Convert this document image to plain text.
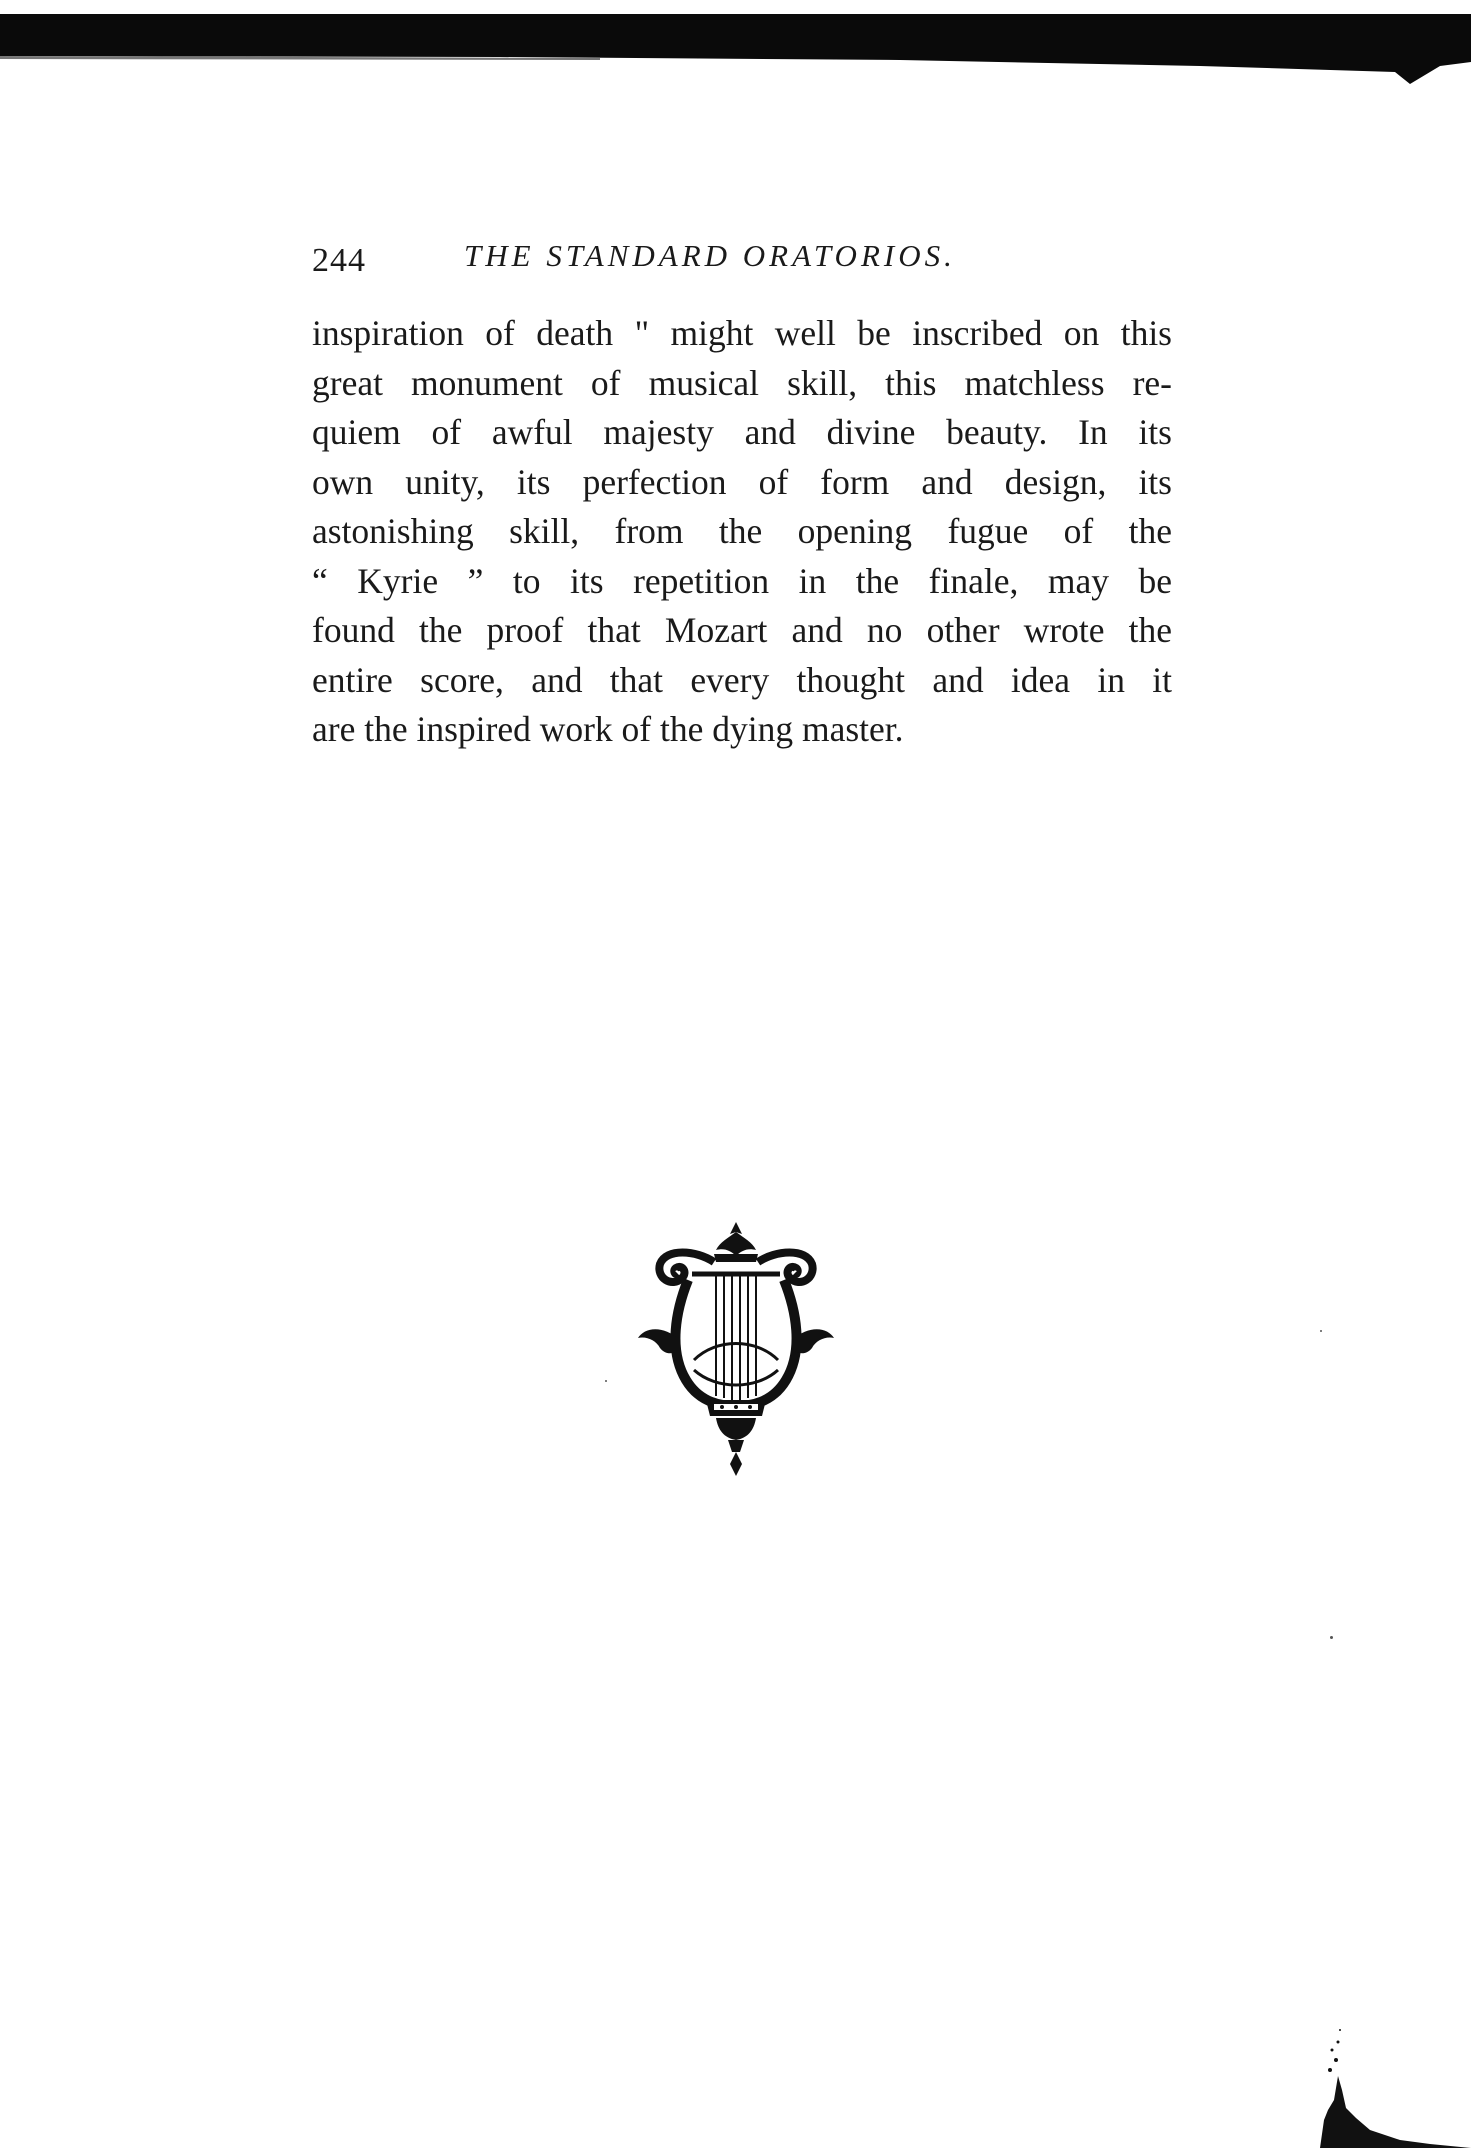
244	THE STANDARD ORATORIOS.
inspiration of death " might well be inscribed on this
great monument of musical skill, this matchless re-
quiem of awful majesty and divine beauty. In its
own unity, its perfection of form and design, its
astonishing skill, from the opening fugue of the
“ Kyrie ” to its repetition in the finale, may be
found the proof that Mozart and no other wrote the
entire score, and that every thought and idea in it
are the inspired work of the dying master.
